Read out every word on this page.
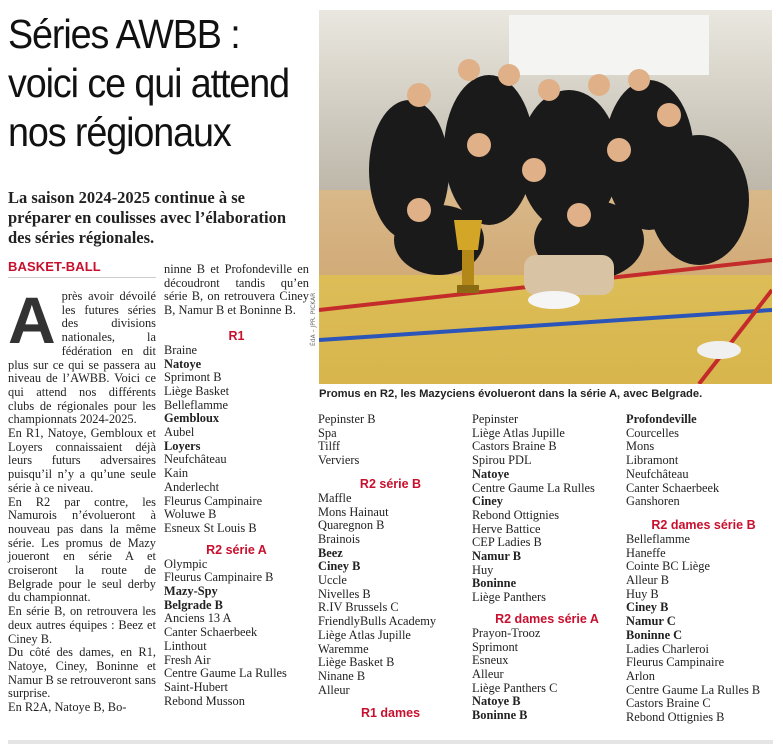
Séries AWBB :
voici ce qui attend
nos régionaux
La saison 2024-2025 continue à se préparer en coulisses avec l’élaboration des séries régionales.
BASKET-BALL
A près avoir dévoilé les futures séries des divisions nationales, la fédération en dit plus sur ce qui se passera au niveau de l’AWBB. Voici ce qui attend nos différents clubs de régionales pour les championnats 2024-2025.
En R1, Natoye, Gembloux et Loyers connaissaient déjà leurs futurs adversaires puisqu’il n’y a qu’une seule série à ce niveau.
En R2 par contre, les Namurois n’évolueront à nouveau pas dans la même série. Les promus de Mazy joueront en série A et croiseront la route de Belgrade pour le seul derby du championnat.
En série B, on retrouvera les deux autres équipes : Beez et Ciney B.
Du côté des dames, en R1, Natoye, Ciney, Boninne et Namur B se retrouveront sans surprise.
En R2A, Natoye B, Bo-
ninne B et Profondeville en découdront tandis qu’en série B, on retrouvera Ciney B, Namur B et Boninne B.
R1
Braine
Natoye
Sprimont B
Liège Basket
Belleflamme
Gembloux
Aubel
Loyers
Neufchâteau
Kain
Anderlecht
Fleurus Campinaire
Woluwe B
Esneux St Louis B
R2 série A
Olympic
Fleurus Campinaire B
Mazy-Spy
Belgrade B
Anciens 13 A
Canter Schaerbeek
Linthout
Fresh Air
Centre Gaume La Rulles
Saint-Hubert
Rebond Musson
ÉdA – JPR. PICKAR
Promus en R2, les Mazyciens évolueront dans la série A, avec Belgrade.
Pepinster B
Spa
Tilff
Verviers
R2 série B
Maffle
Mons Hainaut
Quaregnon B
Brainois
Beez
Ciney B
Uccle
Nivelles B
R.IV Brussels C
FriendlyBulls Academy
Liège Atlas Jupille
Waremme
Liège Basket B
Ninane B
Alleur
R1 dames
Pepinster
Liège Atlas Jupille
Castors Braine B
Spirou PDL
Natoye
Centre Gaume La Rulles
Ciney
Rebond Ottignies
Herve Battice
CEP Ladies B
Namur B
Huy
Boninne
Liège Panthers
R2 dames série A
Prayon-Trooz
Sprimont
Esneux
Alleur
Liège Panthers C
Natoye B
Boninne B
Profondeville
Courcelles
Mons
Libramont
Neufchâteau
Canter Schaerbeek
Ganshoren
R2 dames série B
Belleflamme
Haneffe
Cointe BC Liège
Alleur B
Huy B
Ciney B
Namur C
Boninne C
Ladies Charleroi
Fleurus Campinaire
Arlon
Centre Gaume La Rulles B
Castors Braine C
Rebond Ottignies B
